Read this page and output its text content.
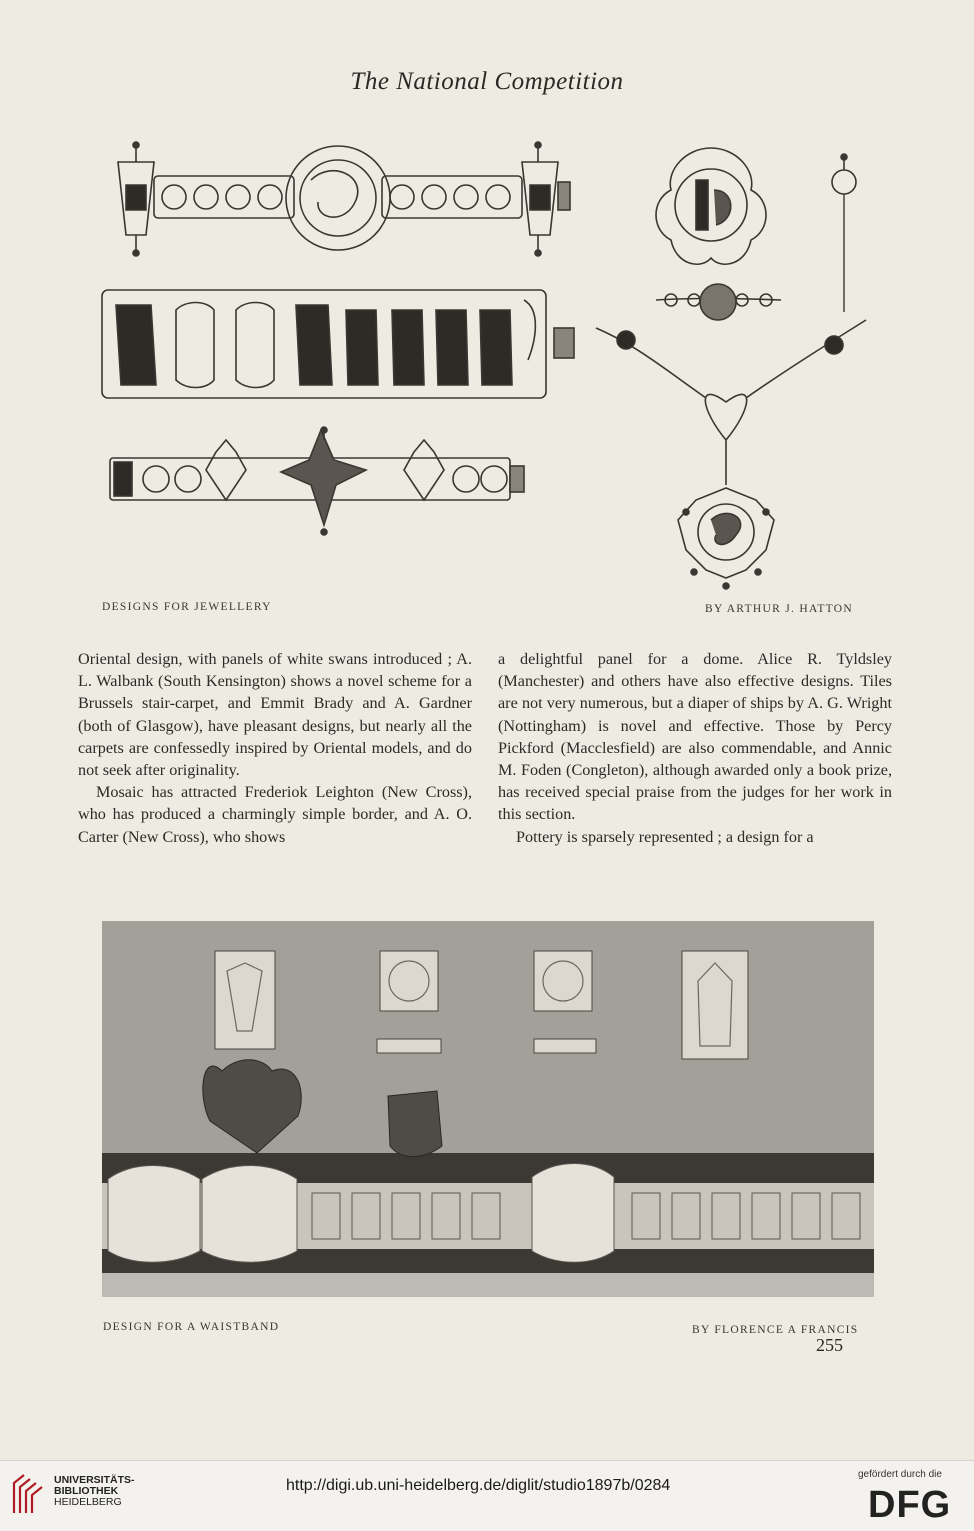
The National Competition
DESIGNS FOR JEWELLERY	BY ARTHUR J. HATTON

Oriental design, with panels of white swans introduced ; A. L. Walbank (South Kensington) shows a novel scheme for a Brussels stair-carpet, and Emmit Brady and A. Gardner (both of Glasgow), have pleasant designs, but nearly all the carpets are confessedly inspired by Oriental models, and do not seek after originality.

Mosaic has attracted Frederiok Leighton (New Cross), who has produced a charmingly simple border, and A. O. Carter (New Cross), who shows

a delightful panel for a dome. Alice R. Tyldsley (Manchester) and others have also effective designs. Tiles are not very numerous, but a diaper of ships by A. G. Wright (Nottingham) is novel and effective. Those by Percy Pickford (Macclesfield) are also commendable, and Annic M. Foden (Congleton), although awarded only a book prize, has received special praise from the judges for her work in this section.

Pottery is sparsely represented ; a design for a

DESIGN FOR A WAISTBAND	BY FLORENCE A FRANCIS
255
UNIVERSITÄTS-
BIBLIOTHEK
HEIDELBERG
http://digi.ub.uni-heidelberg.de/diglit/studio1897b/0284
gefördert durch die
DFG
